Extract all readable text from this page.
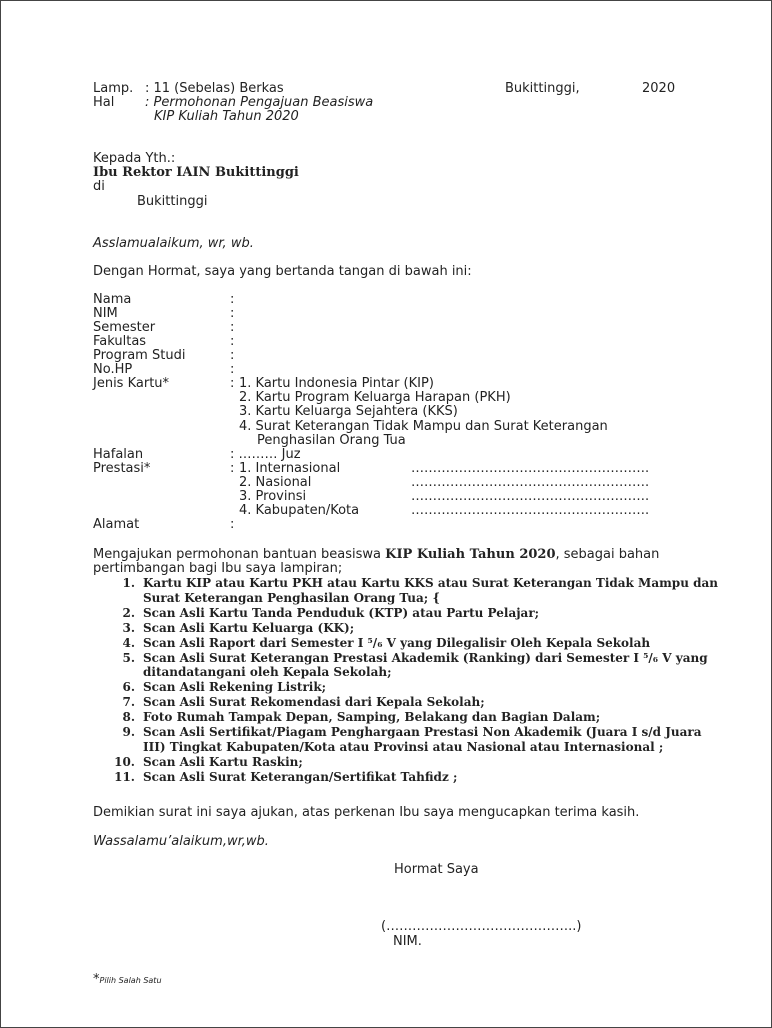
Lamp. : 11 (Sebelas) Berkas	Bukittinggi,	2020
Hal : Permohonan Pengajuan Beasiswa
KIP Kuliah Tahun 2020
Kepada Yth.:
Ibu Rektor IAIN Bukittinggi
di
Bukittinggi
Asslamualaikum, wr, wb.
Dengan Hormat, saya yang bertanda tangan di bawah ini:
Nama	:
NIM	:
Semester	:
Fakultas	:
Program Studi	:
No.HP	:
Jenis Kartu*	: 1. Kartu Indonesia Pintar (KIP)
2. Kartu Program Keluarga Harapan (PKH)
3. Kartu Keluarga Sejahtera (KKS)
4. Surat Keterangan Tidak Mampu dan Surat Keterangan
Penghasilan Orang Tua
Hafalan	: ……… Juz
Prestasi*	: 1. Internasional	……………………………………………….
2. Nasional	……………………………………………….
3. Provinsi	……………………………………………….
4. Kabupaten/Kota	……………………………………………….
Alamat	:
Mengajukan permohonan bantuan beasiswa KIP Kuliah Tahun 2020, sebagai bahan
pertimbangan bagi Ibu saya lampiran;
1. Kartu KIP atau Kartu PKH atau Kartu KKS atau Surat Keterangan Tidak Mampu dan
Surat Keterangan Penghasilan Orang Tua; {
2. Scan Asli Kartu Tanda Penduduk (KTP) atau Partu Pelajar;
3. Scan Asli Kartu Keluarga (KK);
4. Scan Asli Raport dari Semester I ⁵/₆ V yang Dilegalisir Oleh Kepala Sekolah
5. Scan Asli Surat Keterangan Prestasi Akademik (Ranking) dari Semester I ⁵/₆ V yang
ditandatangani oleh Kepala Sekolah;
6. Scan Asli Rekening Listrik;
7. Scan Asli Surat Rekomendasi dari Kepala Sekolah;
8. Foto Rumah Tampak Depan, Samping, Belakang dan Bagian Dalam;
9. Scan Asli Sertifikat/Piagam Penghargaan Prestasi Non Akademik (Juara I s/d Juara
III) Tingkat Kabupaten/Kota atau Provinsi atau Nasional atau Internasional ;
10. Scan Asli Kartu Raskin;
11. Scan Asli Surat Keterangan/Sertifikat Tahfidz ;
Demikian surat ini saya ajukan, atas perkenan Ibu saya mengucapkan terima kasih.
Wassalamu’alaikum,wr,wb.
Hormat Saya
(……………………………………..)
NIM.
*Pilih Salah Satu
